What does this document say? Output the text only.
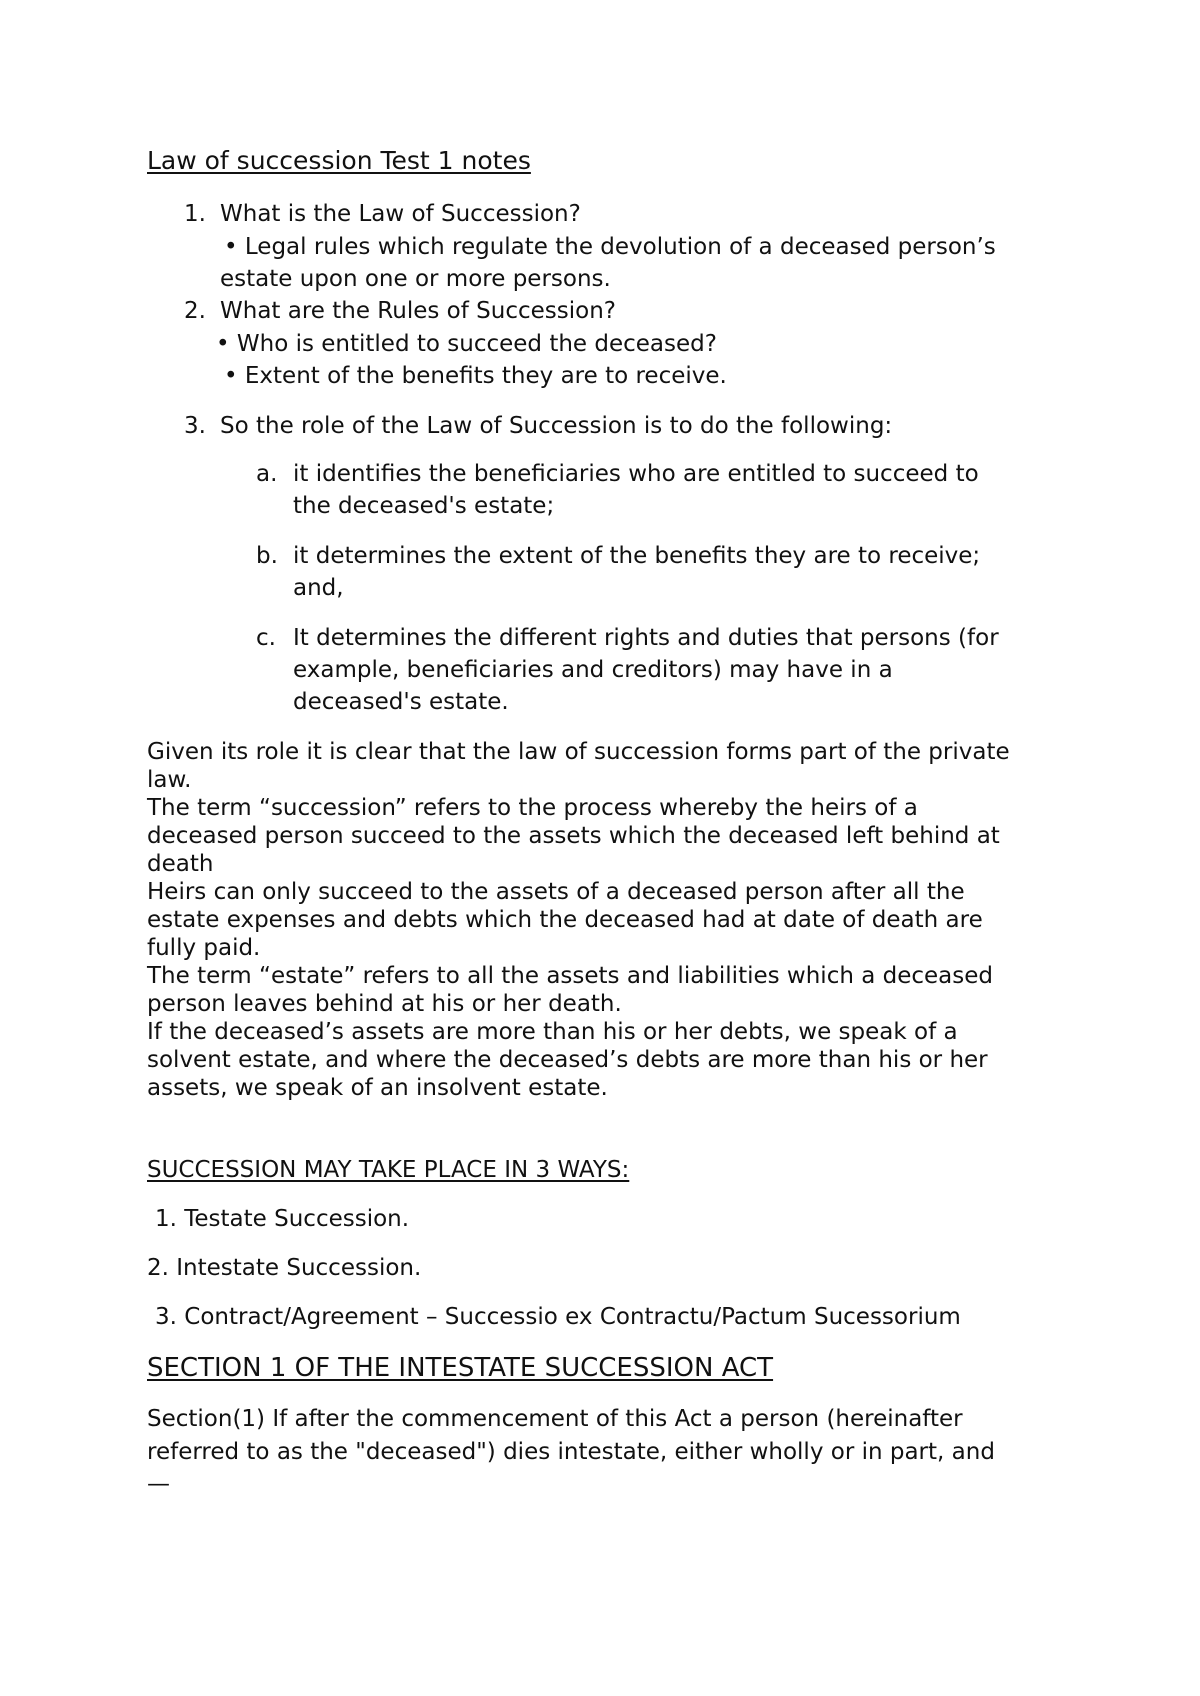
Law of succession Test 1 notes
1. What is the Law of Succession?
• Legal rules which regulate the devolution of a deceased person’s
estate upon one or more persons.
2. What are the Rules of Succession?
• Who is entitled to succeed the deceased?
• Extent of the benefits they are to receive.
3. So the role of the Law of Succession is to do the following:
a. it identifies the beneficiaries who are entitled to succeed to
the deceased's estate;
b. it determines the extent of the benefits they are to receive;
and,
c. It determines the different rights and duties that persons (for
example, beneficiaries and creditors) may have in a
deceased's estate.
Given its role it is clear that the law of succession forms part of the private
law.
The term “succession” refers to the process whereby the heirs of a
deceased person succeed to the assets which the deceased left behind at
death
Heirs can only succeed to the assets of a deceased person after all the
estate expenses and debts which the deceased had at date of death are
fully paid.
The term “estate” refers to all the assets and liabilities which a deceased
person leaves behind at his or her death.
If the deceased’s assets are more than his or her debts, we speak of a
solvent estate, and where the deceased’s debts are more than his or her
assets, we speak of an insolvent estate.
SUCCESSION MAY TAKE PLACE IN 3 WAYS:
1. Testate Succession.
2. Intestate Succession.
3. Contract/Agreement – Successio ex Contractu/Pactum Sucessorium
SECTION 1 OF THE INTESTATE SUCCESSION ACT
Section(1) If after the commencement of this Act a person (hereinafter
referred to as the "deceased") dies intestate, either wholly or in part, and
—
